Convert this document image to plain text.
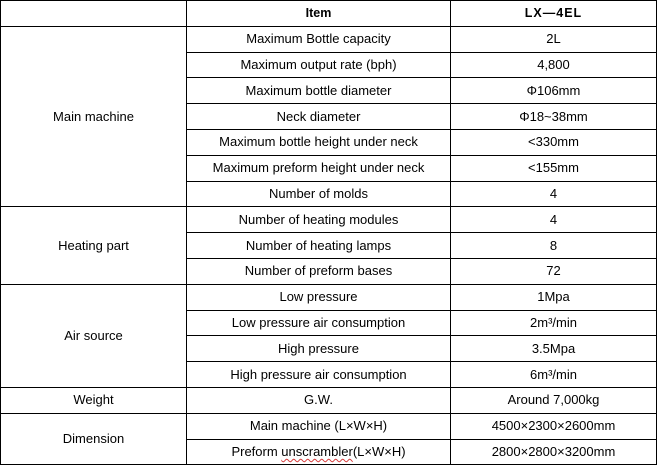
	Item	LX—4EL
Main machine	Maximum Bottle capacity	2L
	Maximum output rate (bph)	4,800
	Maximum bottle diameter	Φ106mm
	Neck diameter	Φ18~38mm
	Maximum bottle height under neck	<330mm
	Maximum preform height under neck	<155mm
	Number of molds	4
Heating part	Number of heating modules	4
	Number of heating lamps	8
	Number of preform bases	72
Air source	Low pressure	1Mpa
	Low pressure air consumption	2m³/min
	High pressure	3.5Mpa
	High pressure air consumption	6m³/min
Weight	G.W.	Around 7,000kg
Dimension	Main machine (L×W×H)	4500×2300×2600mm
	Preform unscrambler(L×W×H)	2800×2800×3200mm
